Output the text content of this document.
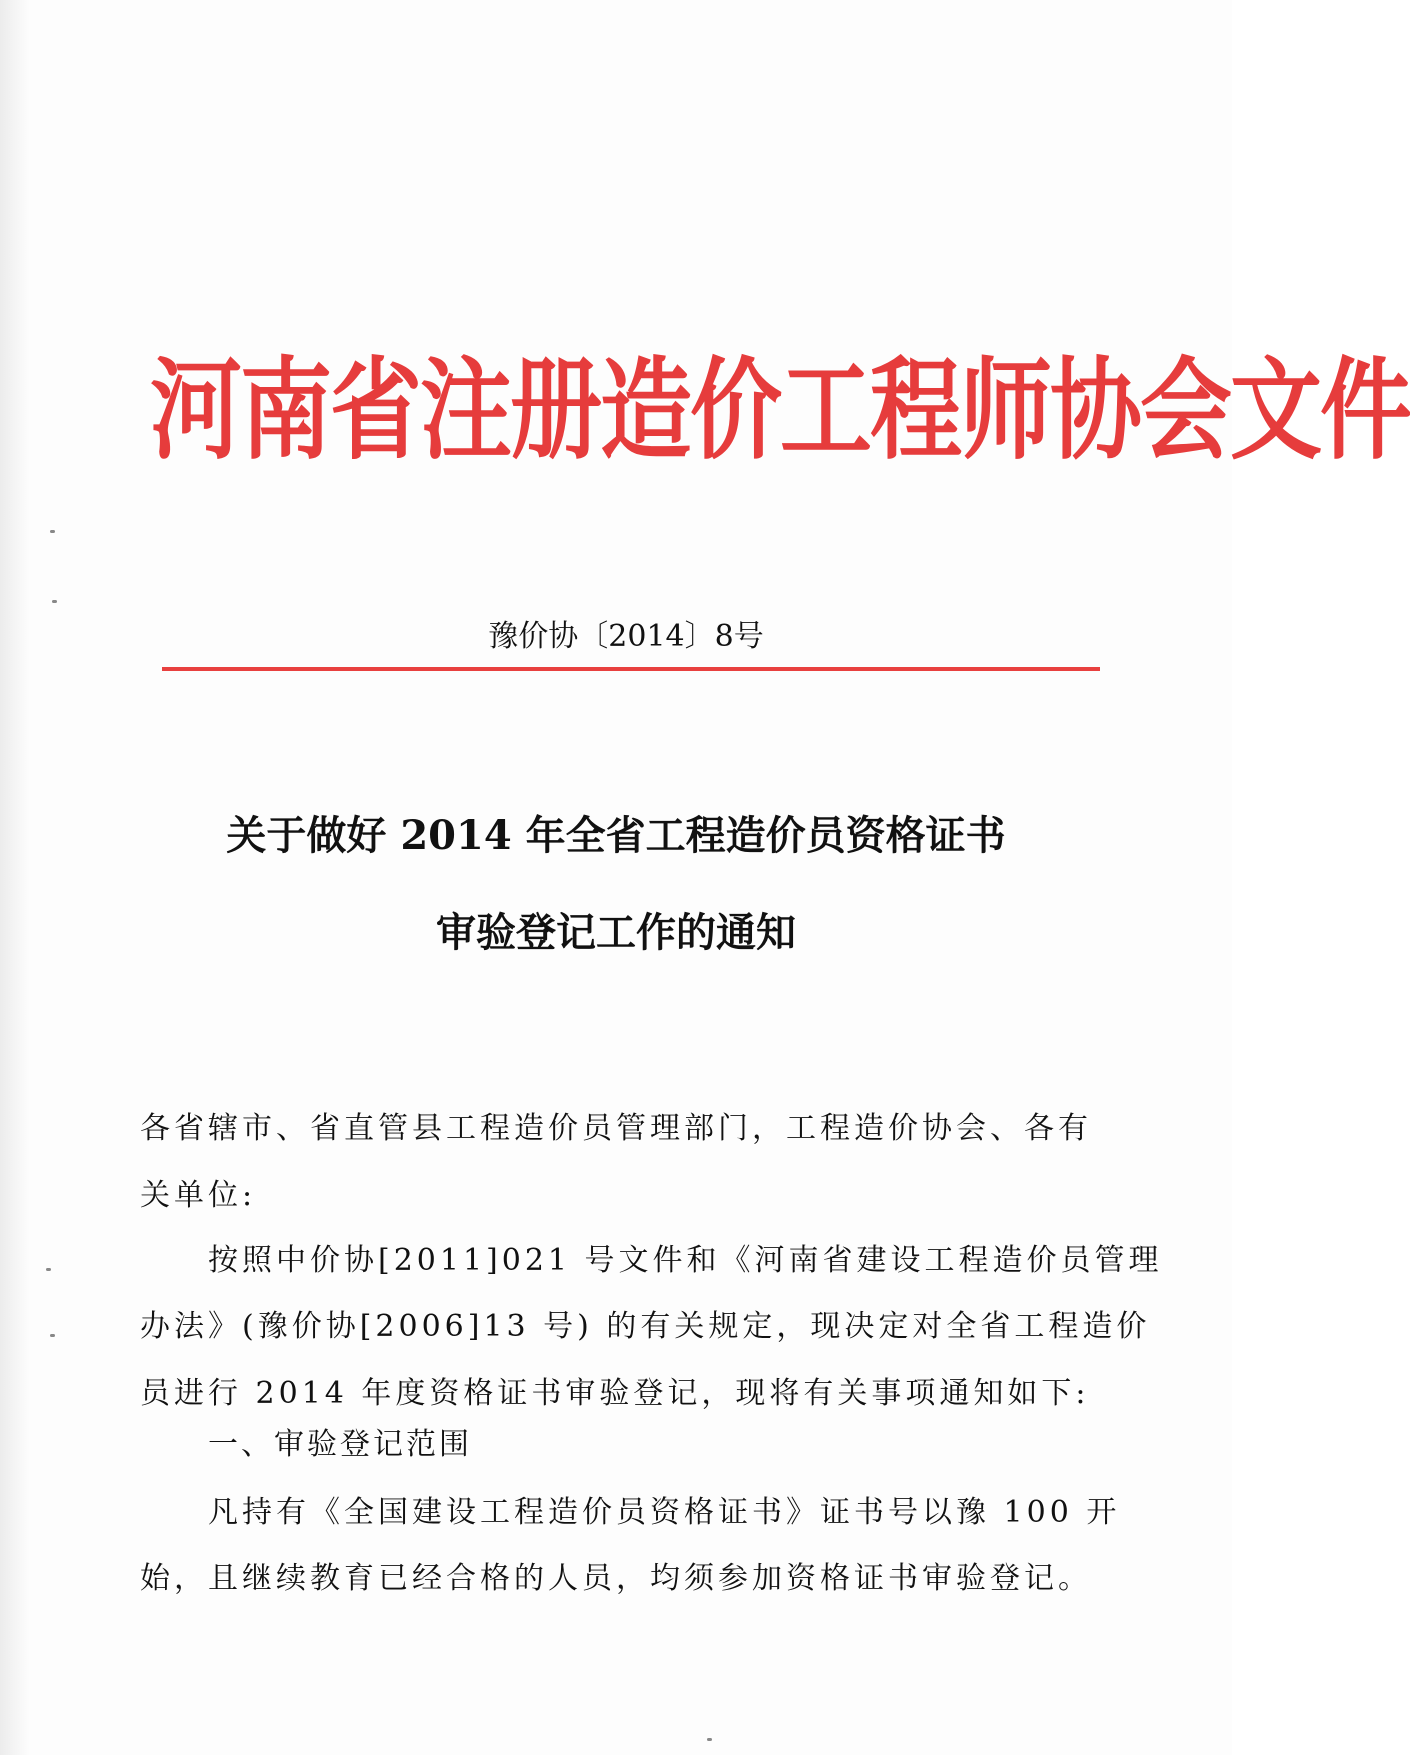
河南省注册造价工程师协会文件
豫价协〔2014〕8号
关于做好 2014 年全省工程造价员资格证书
审验登记工作的通知
各省辖市、省直管县工程造价员管理部门，工程造价协会、各有
关单位:
按照中价协[2011]021 号文件和《河南省建设工程造价员管理
办法》(豫价协[2006]13 号) 的有关规定，现决定对全省工程造价
员进行 2014 年度资格证书审验登记，现将有关事项通知如下:
一、审验登记范围
凡持有《全国建设工程造价员资格证书》证书号以豫 100 开
始，且继续教育已经合格的人员，均须参加资格证书审验登记。
